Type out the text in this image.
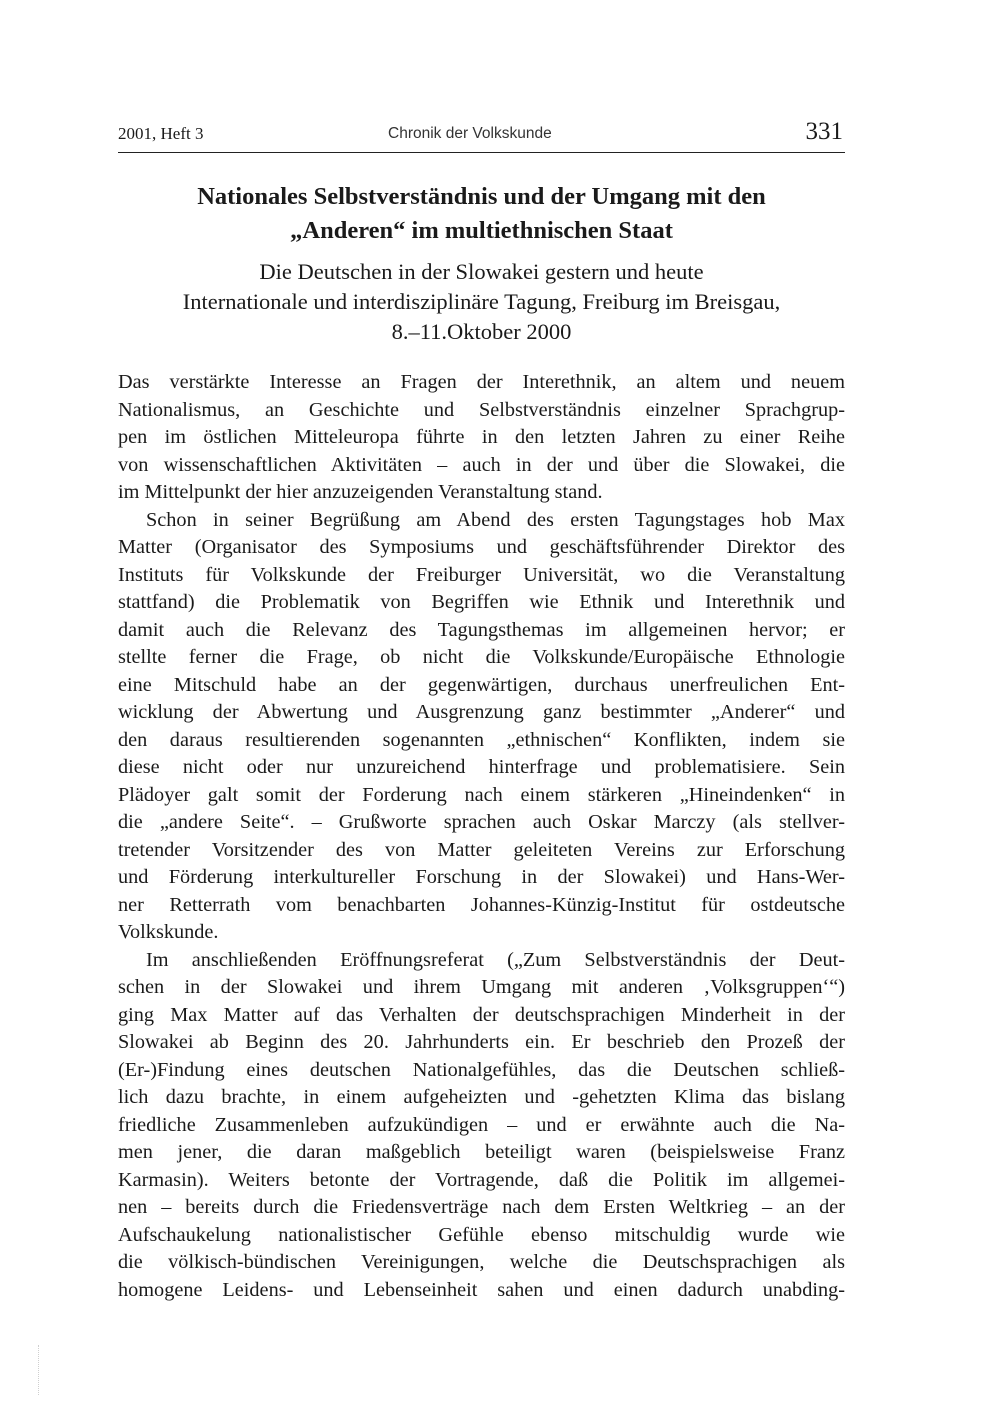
2001, Heft 3	Chronik der Volkskunde	331
Nationales Selbstverständnis und der Umgang mit den
„Anderen“ im multiethnischen Staat
Die Deutschen in der Slowakei gestern und heute
Internationale und interdisziplinäre Tagung, Freiburg im Breisgau,
8.–11.Oktober 2000
Das verstärkte Interesse an Fragen der Interethnik, an altem und neuem
Nationalismus, an Geschichte und Selbstverständnis einzelner Sprachgrup-
pen im östlichen Mitteleuropa führte in den letzten Jahren zu einer Reihe
von wissenschaftlichen Aktivitäten – auch in der und über die Slowakei, die
im Mittelpunkt der hier anzuzeigenden Veranstaltung stand.
Schon in seiner Begrüßung am Abend des ersten Tagungstages hob Max
Matter (Organisator des Symposiums und geschäftsführender Direktor des
Instituts für Volkskunde der Freiburger Universität, wo die Veranstaltung
stattfand) die Problematik von Begriffen wie Ethnik und Interethnik und
damit auch die Relevanz des Tagungsthemas im allgemeinen hervor; er
stellte ferner die Frage, ob nicht die Volkskunde/Europäische Ethnologie
eine Mitschuld habe an der gegenwärtigen, durchaus unerfreulichen Ent-
wicklung der Abwertung und Ausgrenzung ganz bestimmter „Anderer“ und
den daraus resultierenden sogenannten „ethnischen“ Konflikten, indem sie
diese nicht oder nur unzureichend hinterfrage und problematisiere. Sein
Plädoyer galt somit der Forderung nach einem stärkeren „Hineindenken“ in
die „andere Seite“. – Grußworte sprachen auch Oskar Marczy (als stellver-
tretender Vorsitzender des von Matter geleiteten Vereins zur Erforschung
und Förderung interkultureller Forschung in der Slowakei) und Hans-Wer-
ner Retterrath vom benachbarten Johannes-Künzig-Institut für ostdeutsche
Volkskunde.
Im anschließenden Eröffnungsreferat („Zum Selbstverständnis der Deut-
schen in der Slowakei und ihrem Umgang mit anderen ‚Volksgruppen‘“)
ging Max Matter auf das Verhalten der deutschsprachigen Minderheit in der
Slowakei ab Beginn des 20. Jahrhunderts ein. Er beschrieb den Prozeß der
(Er-)Findung eines deutschen Nationalgefühles, das die Deutschen schließ-
lich dazu brachte, in einem aufgeheizten und -gehetzten Klima das bislang
friedliche Zusammenleben aufzukündigen – und er erwähnte auch die Na-
men jener, die daran maßgeblich beteiligt waren (beispielsweise Franz
Karmasin). Weiters betonte der Vortragende, daß die Politik im allgemei-
nen – bereits durch die Friedensverträge nach dem Ersten Weltkrieg – an der
Aufschaukelung nationalistischer Gefühle ebenso mitschuldig wurde wie
die völkisch-bündischen Vereinigungen, welche die Deutschsprachigen als
homogene Leidens- und Lebenseinheit sahen und einen dadurch unabding-
